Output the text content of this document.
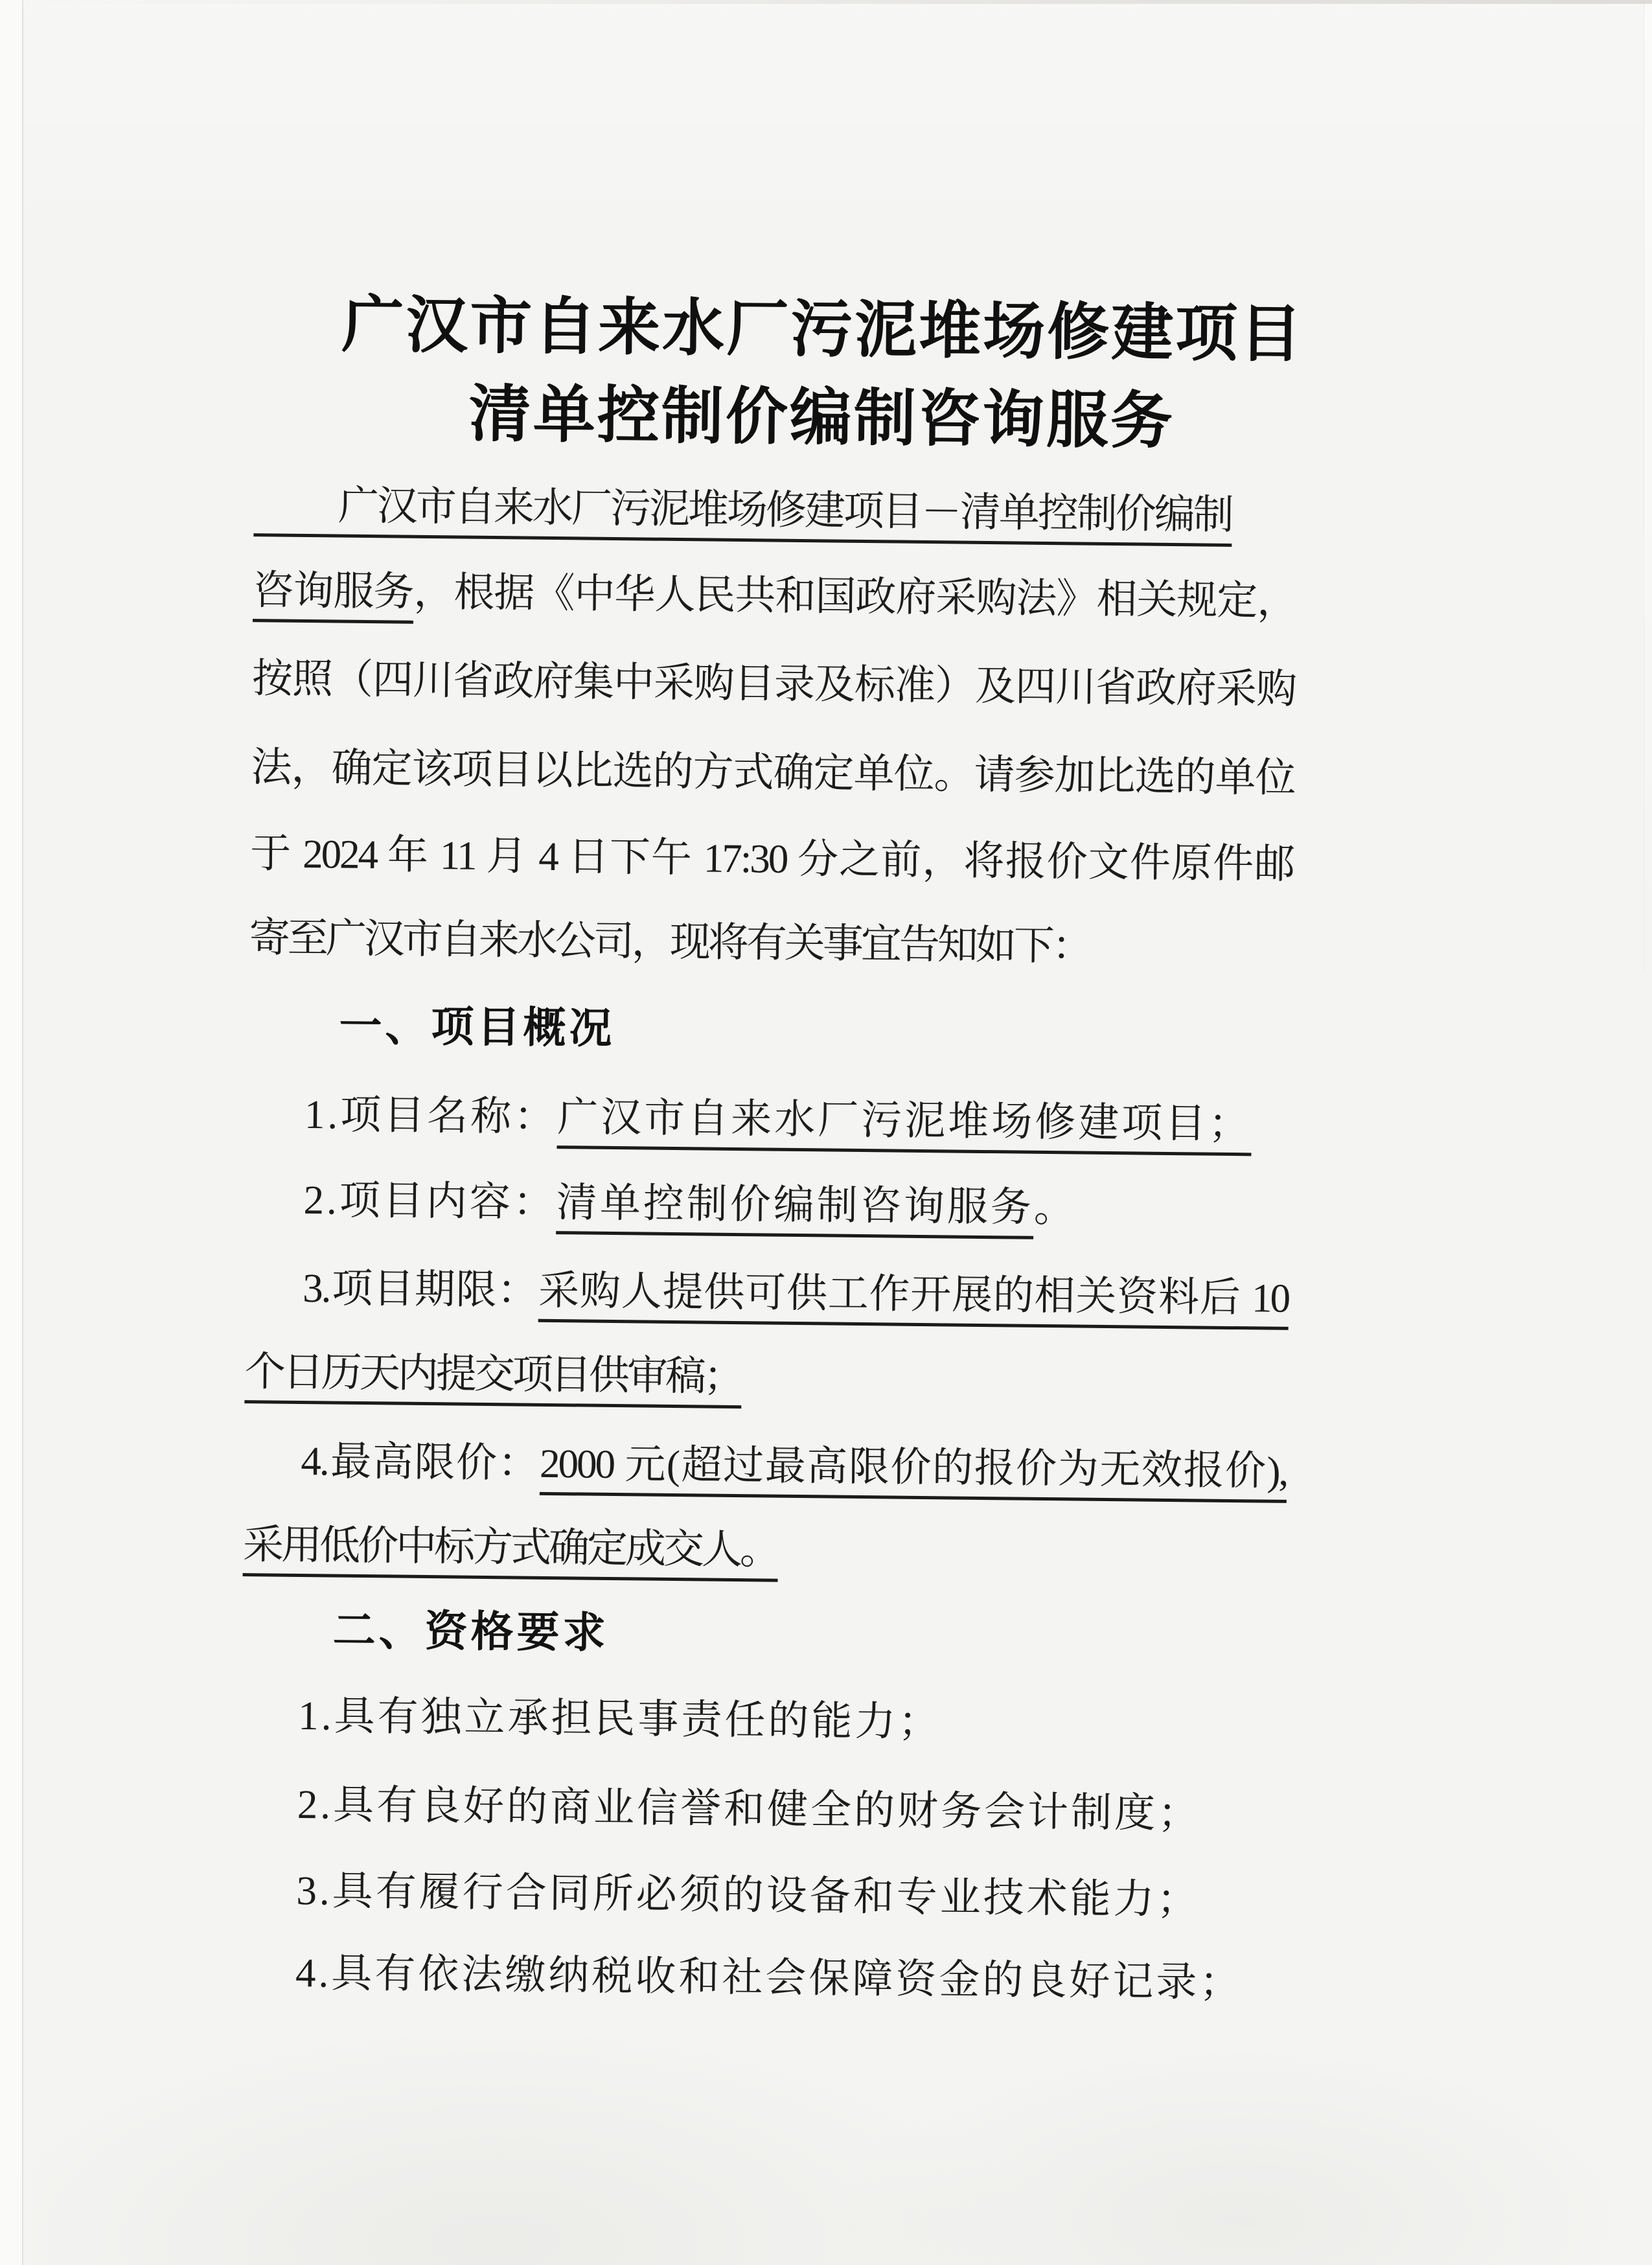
广汉市自来水厂污泥堆场修建项目
清单控制价编制咨询服务
广汉市自来水厂污泥堆场修建项目－清单控制价编制
咨询服务，根据《中华人民共和国政府采购法》相关规定，
按照（四川省政府集中采购目录及标准）及四川省政府采购
法，确定该项目以比选的方式确定单位。请参加比选的单位
于 2024 年 11 月 4 日下午 17:30 分之前，将报价文件原件邮
寄至广汉市自来水公司，现将有关事宜告知如下：
一、项目概况
1.项目名称：广汉市自来水厂污泥堆场修建项目；
2.项目内容：清单控制价编制咨询服务。
3.项目期限：采购人提供可供工作开展的相关资料后 10
个日历天内提交项目供审稿；
4.最高限价：2000 元(超过最高限价的报价为无效报价),
采用低价中标方式确定成交人。
二、资格要求
1.具有独立承担民事责任的能力；
2.具有良好的商业信誉和健全的财务会计制度；
3.具有履行合同所必须的设备和专业技术能力；
4.具有依法缴纳税收和社会保障资金的良好记录；
